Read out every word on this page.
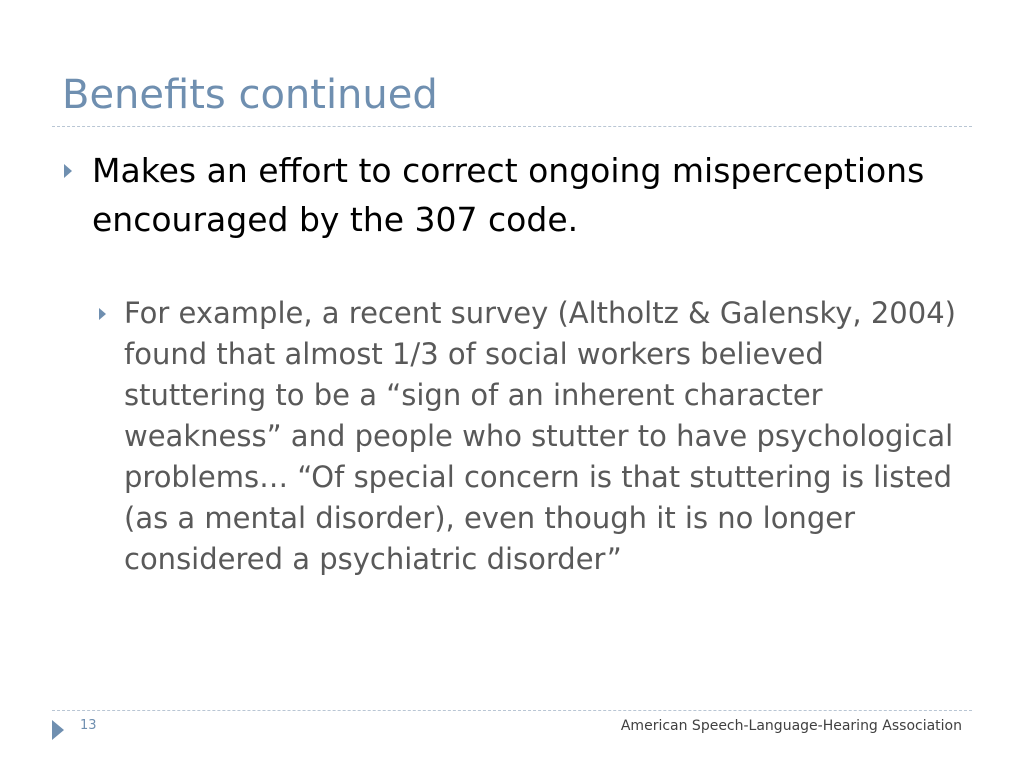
Benefits continued
Makes an effort to correct ongoing misperceptions encouraged by the 307 code.
For example, a recent survey (Altholtz & Galensky, 2004) found that almost 1/3 of social workers believed stuttering to be a “sign of an inherent character weakness” and people who stutter to have psychological problems… “Of special concern is that stuttering is listed (as a mental disorder), even though it is no longer considered a psychiatric disorder”
13	American Speech-Language-Hearing Association
